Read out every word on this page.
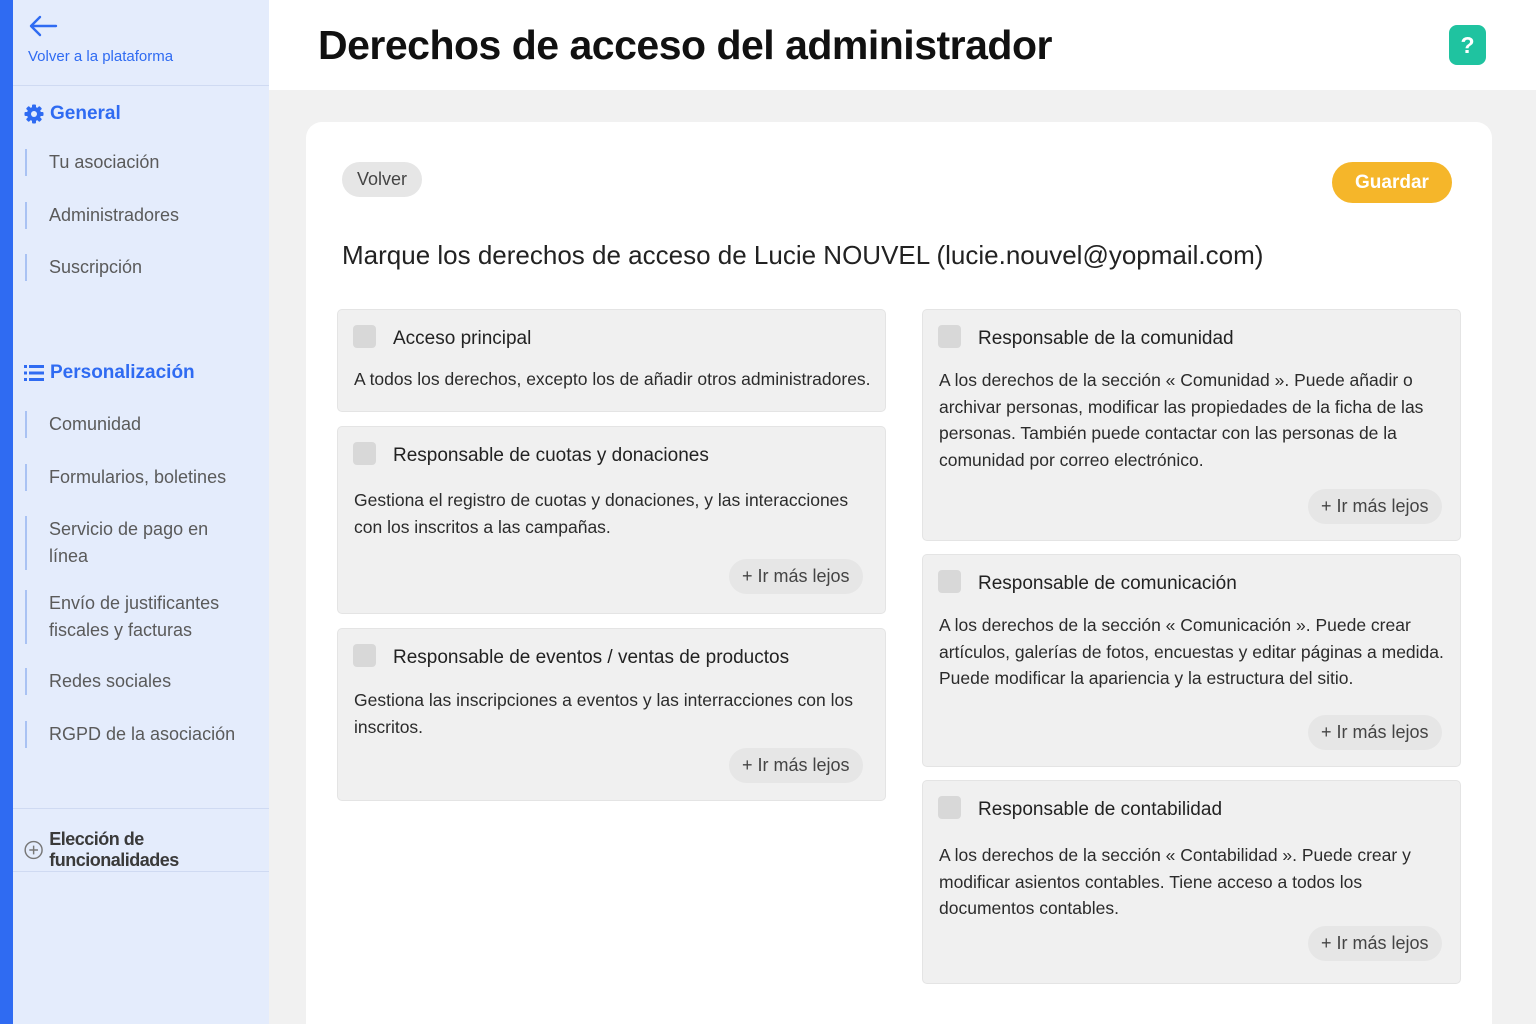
Volver a la plataforma
General
Tu asociación
Administradores
Suscripción
Personalización
Comunidad
Formularios, boletines
Servicio de pago en línea
Envío de justificantes fiscales y facturas
Redes sociales
RGPD de la asociación
Elección de funcionalidades
Derechos de acceso del administrador	?
Volver	Guardar
Marque los derechos de acceso de Lucie NOUVEL (lucie.nouvel@yopmail.com)
Acceso principal
A todos los derechos, excepto los de añadir otros administradores.
Responsable de cuotas y donaciones
Gestiona el registro de cuotas y donaciones, y las interacciones con los inscritos a las campañas.
+ Ir más lejos
Responsable de eventos / ventas de productos
Gestiona las inscripciones a eventos y las interracciones con los inscritos.
+ Ir más lejos
Responsable de la comunidad
A los derechos de la sección « Comunidad ». Puede añadir o archivar personas, modificar las propiedades de la ficha de las personas. También puede contactar con las personas de la comunidad por correo electrónico.
+ Ir más lejos
Responsable de comunicación
A los derechos de la sección « Comunicación ». Puede crear artículos, galerías de fotos, encuestas y editar páginas a medida. Puede modificar la apariencia y la estructura del sitio.
+ Ir más lejos
Responsable de contabilidad
A los derechos de la sección « Contabilidad ». Puede crear y modificar asientos contables. Tiene acceso a todos los documentos contables.
+ Ir más lejos
